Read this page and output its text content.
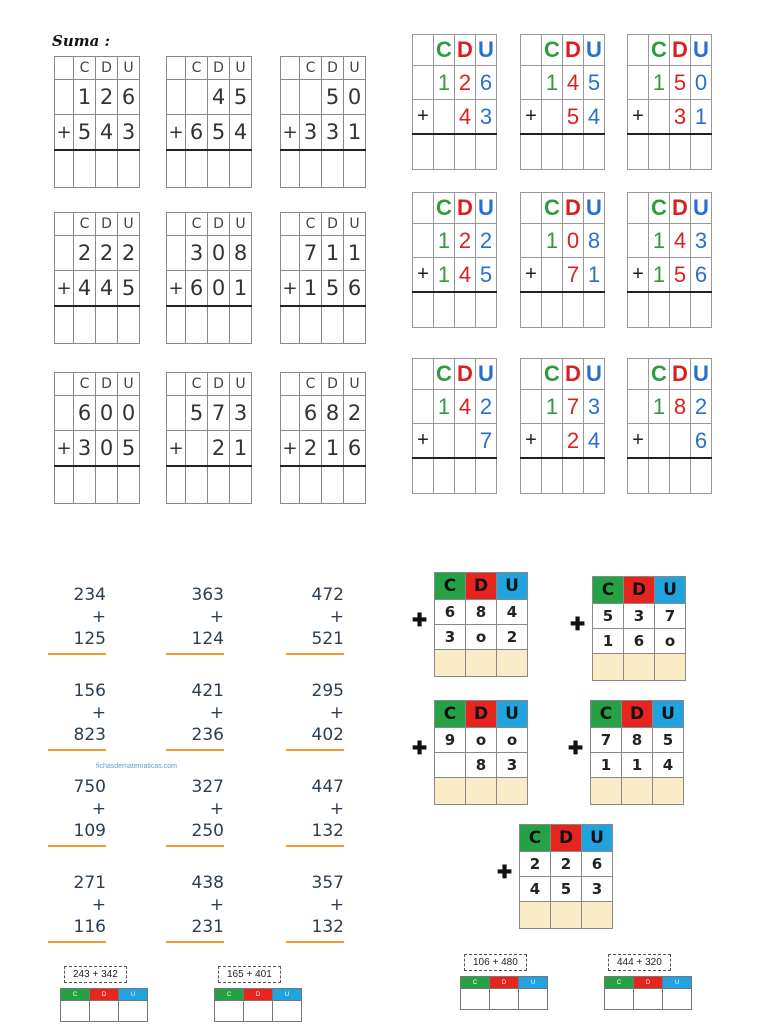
Suma :
	C	D	U
	1	2	6
+	5	4	3

	C	D	U
		4	5
+	6	5	4

	C	D	U
		5	0
+	3	3	1

	C	D	U
	2	2	2
+	4	4	5

	C	D	U
	3	0	8
+	6	0	1

	C	D	U
	7	1	1
+	1	5	6

	C	D	U
	6	0	0
+	3	0	5

	C	D	U
	5	7	3
+		2	1

	C	D	U
	6	8	2
+	2	1	6

	C	D	U
	1	2	6
+		4	3

	C	D	U
	1	4	5
+		5	4

	C	D	U
	1	5	0
+		3	1

	C	D	U
	1	2	2
+	1	4	5

	C	D	U
	1	0	8
+		7	1

	C	D	U
	1	4	3
+	1	5	6

	C	D	U
	1	4	2
+			7

	C	D	U
	1	7	3
+		2	4

	C	D	U
	1	8	2
+			6

234
+ 125
363
+ 124
472
+ 521
156
+ 823
421
+ 236
295
+ 402
750
+ 109
327
+ 250
447
+ 132
271
+ 116
438
+ 231
357
+ 132
fichasdematematicas.com
C	D	U
6	8	4
3	o	2

✚
C	D	U
5	3	7
1	6	o

✚
C	D	U
9	o	o
	8	3

✚
C	D	U
7	8	5
1	1	4

✚
C	D	U
2	2	6
4	5	3

✚
243 + 342
C	D	U

165 + 401
C	D	U

106 + 480
C	D	U

444 + 320
C	D	U
